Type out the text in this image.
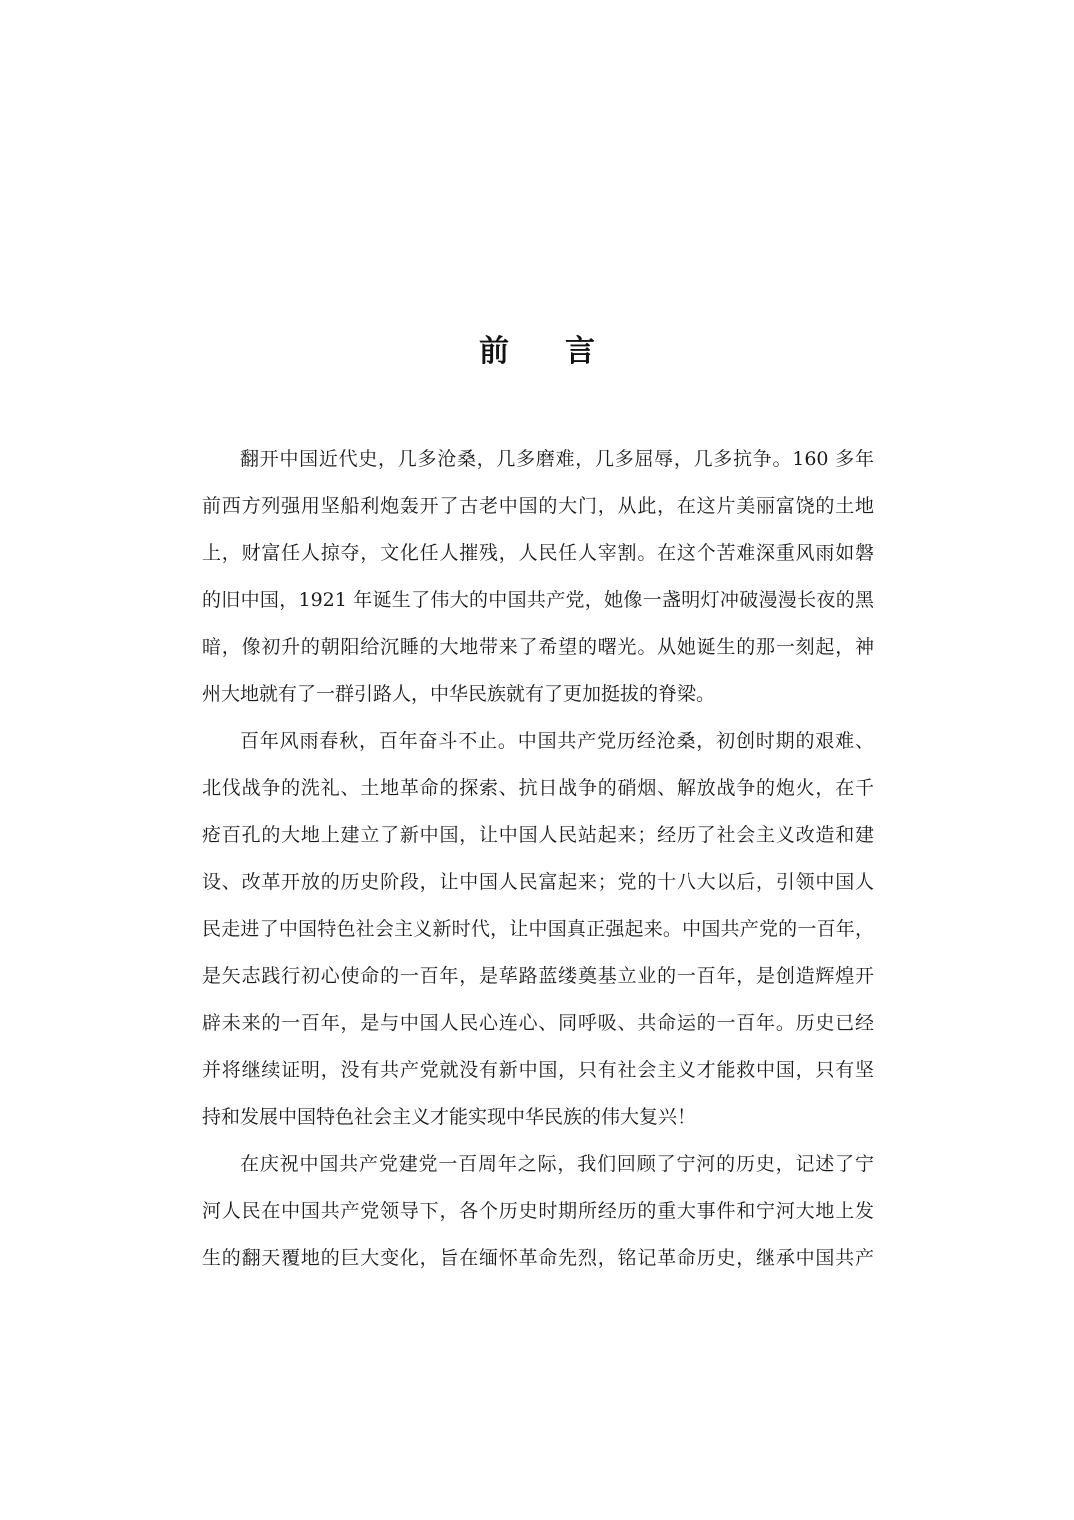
前言

翻开中国近代史，几多沧桑，几多磨难，几多屈辱，几多抗争。160 多年
前西方列强用坚船利炮轰开了古老中国的大门，从此，在这片美丽富饶的土地
上，财富任人掠夺，文化任人摧残，人民任人宰割。在这个苦难深重风雨如磐
的旧中国，1921 年诞生了伟大的中国共产党，她像一盏明灯冲破漫漫长夜的黑
暗，像初升的朝阳给沉睡的大地带来了希望的曙光。从她诞生的那一刻起，神
州大地就有了一群引路人，中华民族就有了更加挺拔的脊梁。

百年风雨春秋，百年奋斗不止。中国共产党历经沧桑，初创时期的艰难、
北伐战争的洗礼、土地革命的探索、抗日战争的硝烟、解放战争的炮火，在千
疮百孔的大地上建立了新中国，让中国人民站起来；经历了社会主义改造和建
设、改革开放的历史阶段，让中国人民富起来；党的十八大以后，引领中国人
民走进了中国特色社会主义新时代，让中国真正强起来。中国共产党的一百年，
是矢志践行初心使命的一百年，是荜路蓝缕奠基立业的一百年，是创造辉煌开
辟未来的一百年，是与中国人民心连心、同呼吸、共命运的一百年。历史已经
并将继续证明，没有共产党就没有新中国，只有社会主义才能救中国，只有坚
持和发展中国特色社会主义才能实现中华民族的伟大复兴！

在庆祝中国共产党建党一百周年之际，我们回顾了宁河的历史，记述了宁
河人民在中国共产党领导下，各个历史时期所经历的重大事件和宁河大地上发
生的翻天覆地的巨大变化，旨在缅怀革命先烈，铭记革命历史，继承中国共产
